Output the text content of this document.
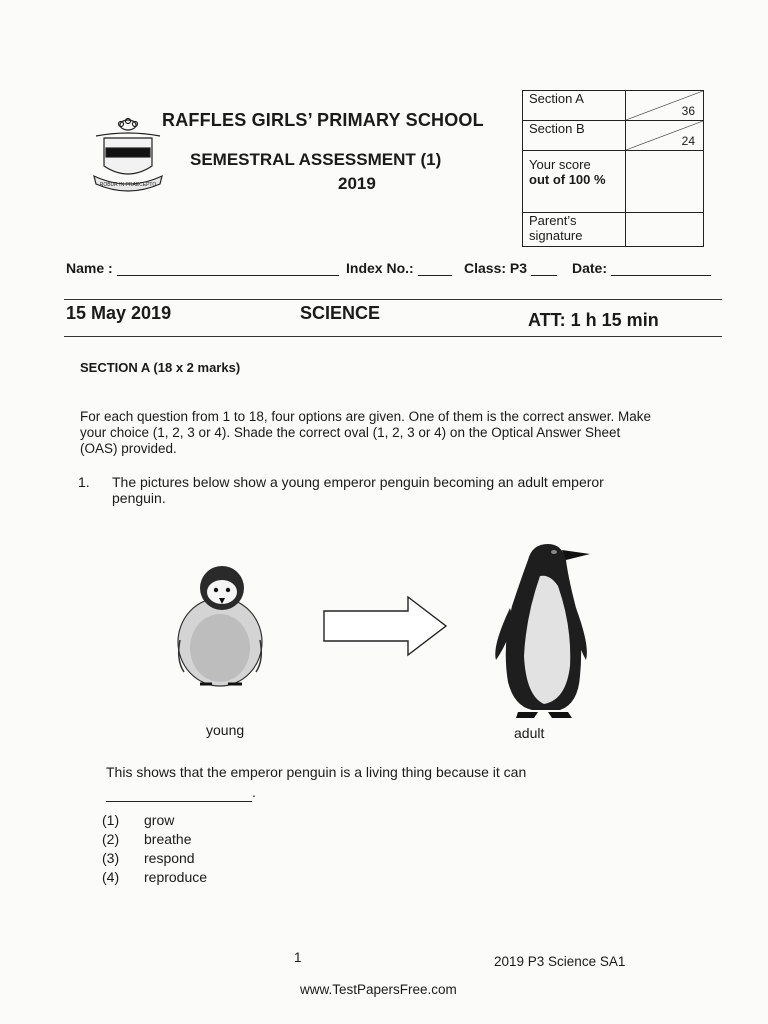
ROBUR IN PRAECEPTO
RAFFLES GIRLS’ PRIMARY SCHOOL
SEMESTRAL ASSESSMENT (1)
2019
Section A	36

Section B	24

Your score
out of 100 %	

Parent’s
signature	

Name :	Index No.:	Class: P3	Date:
15 May 2019	SCIENCE	ATT: 1 h 15 min
SECTION A (18 x 2 marks)
For each question from 1 to 18, four options are given. One of them is the correct answer. Make your choice (1, 2, 3 or 4). Shade the correct oval (1, 2, 3 or 4) on the Optical Answer Sheet (OAS) provided.
1. The pictures below show a young emperor penguin becoming an adult emperor penguin.
young	adult
This shows that the emperor penguin is a living thing because it can
.
(1) grow
(2) breathe
(3) respond
(4) reproduce
1	2019 P3 Science SA1
www.TestPapersFree.com
